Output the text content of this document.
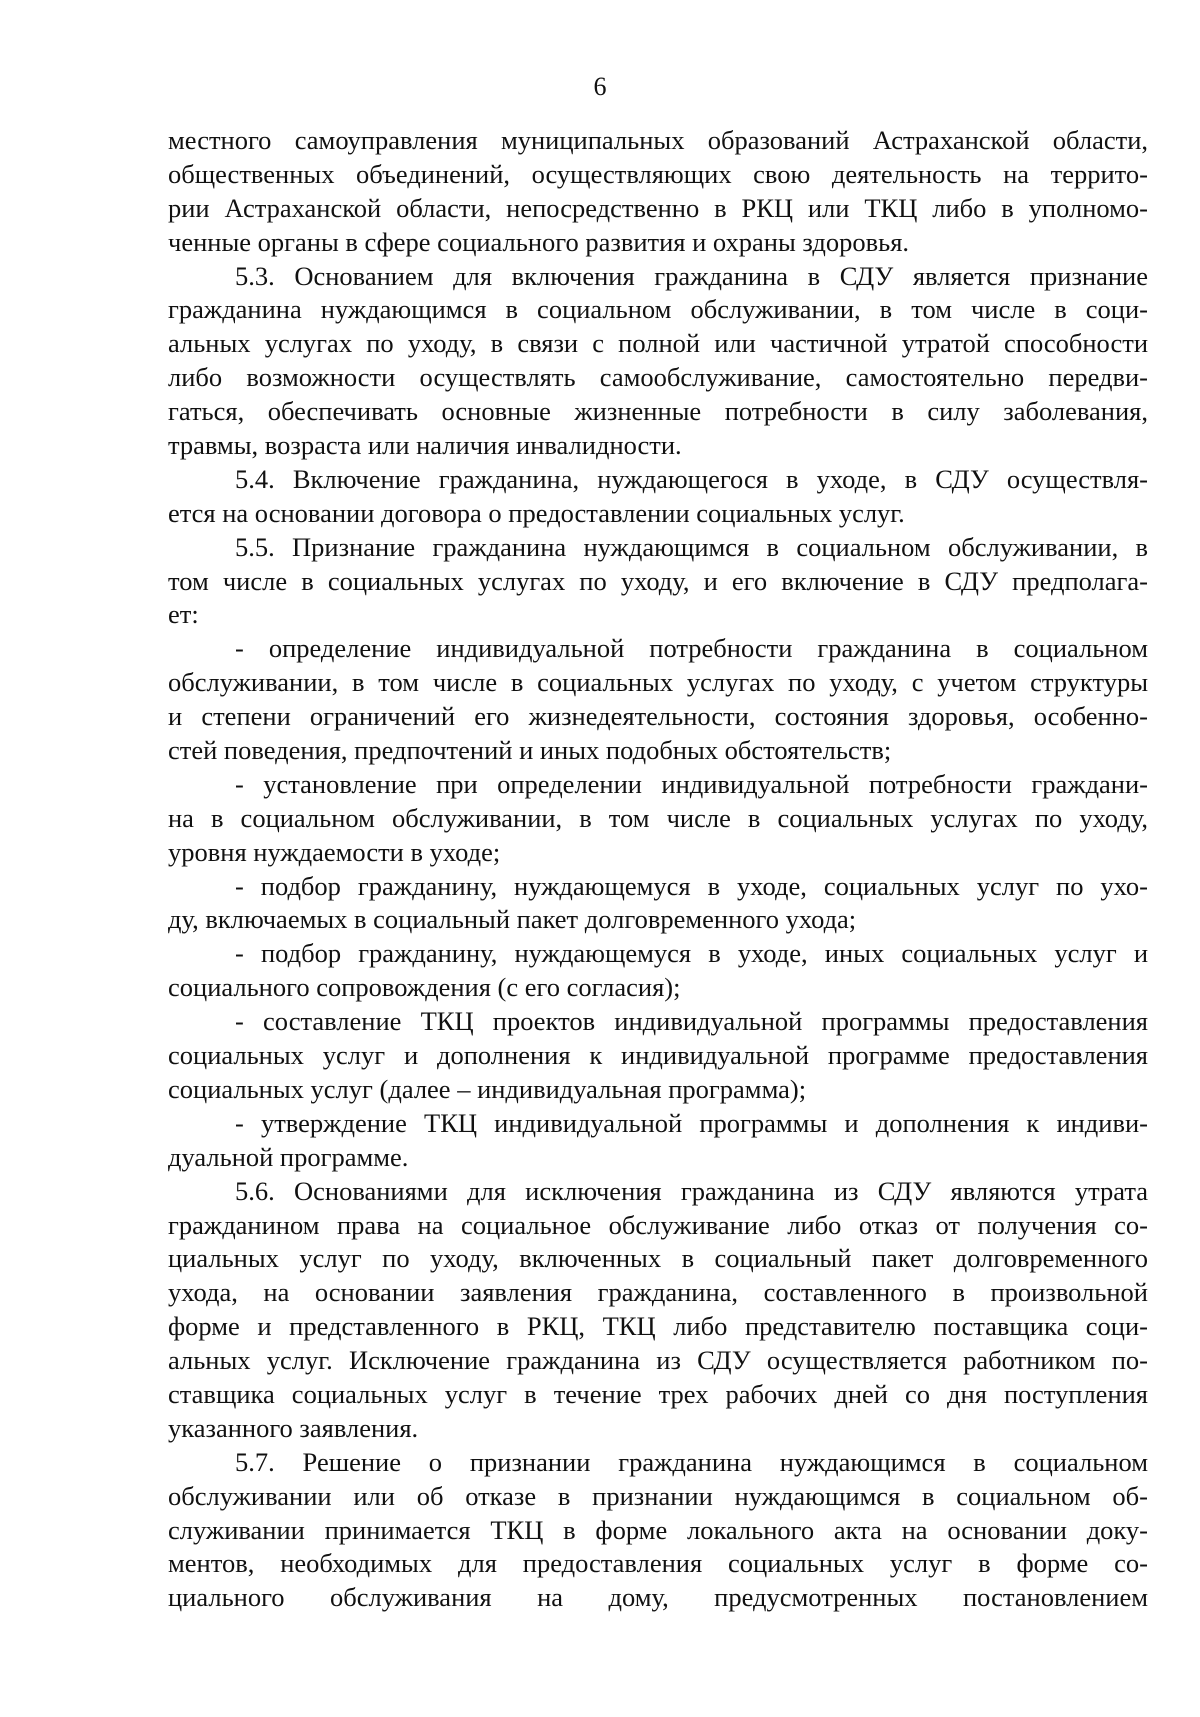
6
местного самоуправления муниципальных образований Астраханской области,
общественных объединений, осуществляющих свою деятельность на террито-
рии Астраханской области, непосредственно в РКЦ или ТКЦ либо в уполномо-
ченные органы в сфере социального развития и охраны здоровья.
5.3. Основанием для включения гражданина в СДУ является признание
гражданина нуждающимся в социальном обслуживании, в том числе в соци-
альных услугах по уходу, в связи с полной или частичной утратой способности
либо возможности осуществлять самообслуживание, самостоятельно передви-
гаться, обеспечивать основные жизненные потребности в силу заболевания,
травмы, возраста или наличия инвалидности.
5.4. Включение гражданина, нуждающегося в уходе, в СДУ осуществля-
ется на основании договора о предоставлении социальных услуг.
5.5. Признание гражданина нуждающимся в социальном обслуживании, в
том числе в социальных услугах по уходу, и его включение в СДУ предполага-
ет:
- определение индивидуальной потребности гражданина в социальном
обслуживании, в том числе в социальных услугах по уходу, с учетом структуры
и степени ограничений его жизнедеятельности, состояния здоровья, особенно-
стей поведения, предпочтений и иных подобных обстоятельств;
- установление при определении индивидуальной потребности граждани-
на в социальном обслуживании, в том числе в социальных услугах по уходу,
уровня нуждаемости в уходе;
- подбор гражданину, нуждающемуся в уходе, социальных услуг по ухо-
ду, включаемых в социальный пакет долговременного ухода;
- подбор гражданину, нуждающемуся в уходе, иных социальных услуг и
социального сопровождения (с его согласия);
- составление ТКЦ проектов индивидуальной программы предоставления
социальных услуг и дополнения к индивидуальной программе предоставления
социальных услуг (далее – индивидуальная программа);
- утверждение ТКЦ индивидуальной программы и дополнения к индиви-
дуальной программе.
5.6. Основаниями для исключения гражданина из СДУ являются утрата
гражданином права на социальное обслуживание либо отказ от получения со-
циальных услуг по уходу, включенных в социальный пакет долговременного
ухода, на основании заявления гражданина, составленного в произвольной
форме и представленного в РКЦ, ТКЦ либо представителю поставщика соци-
альных услуг. Исключение гражданина из СДУ осуществляется работником по-
ставщика социальных услуг в течение трех рабочих дней со дня поступления
указанного заявления.
5.7. Решение о признании гражданина нуждающимся в социальном
обслуживании или об отказе в признании нуждающимся в социальном об-
служивании принимается ТКЦ в форме локального акта на основании доку-
ментов, необходимых для предоставления социальных услуг в форме со-
циального обслуживания на дому, предусмотренных постановлением
